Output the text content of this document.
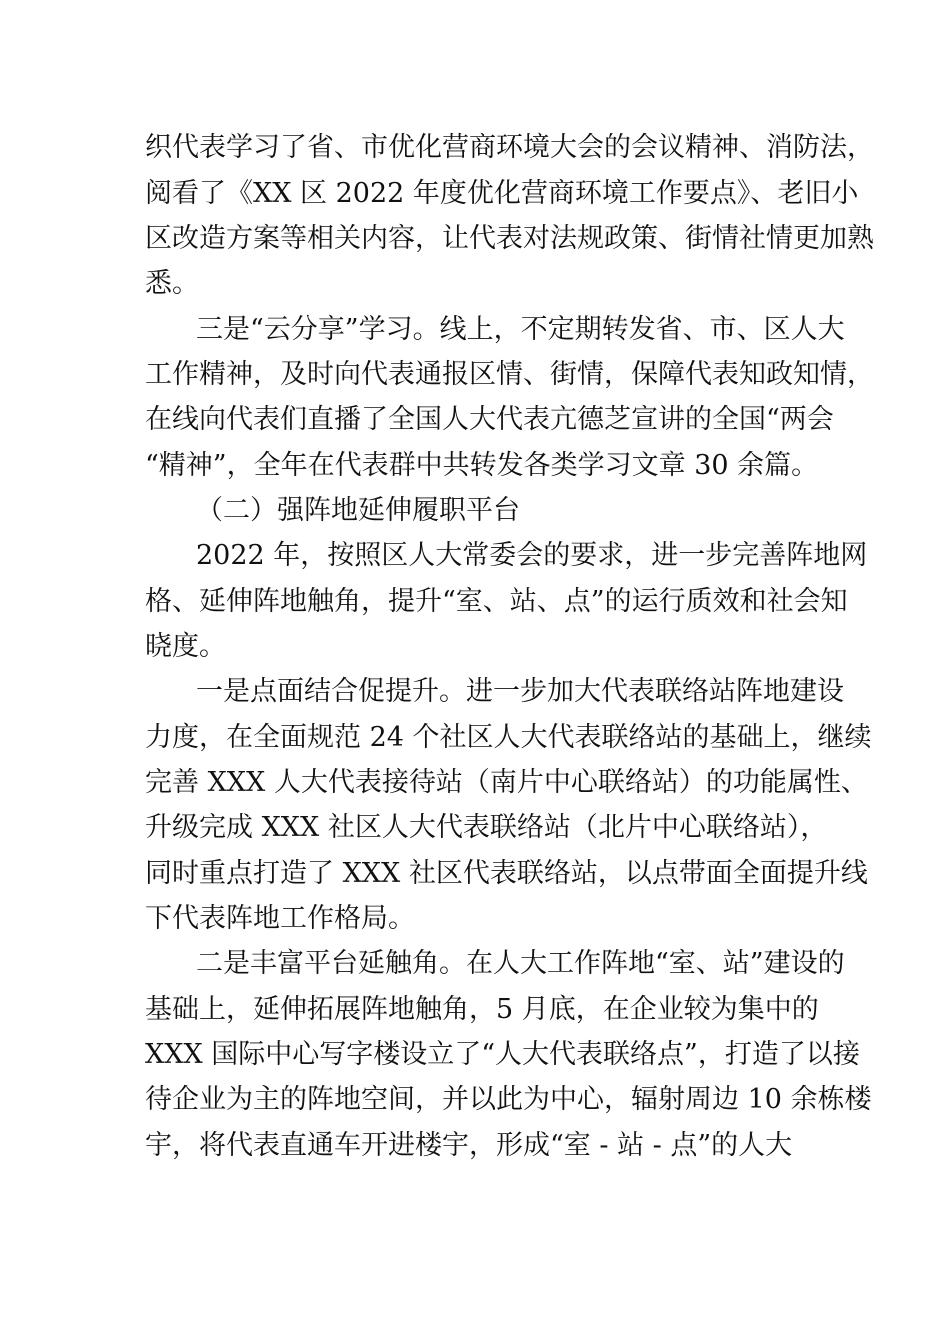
织代表学习了省、市优化营商环境大会的会议精神、消防法，
阅看了《XX 区 2022 年度优化营商环境工作要点》、老旧小
区改造方案等相关内容，让代表对法规政策、街情社情更加熟
悉。
三是“云分享”学习。线上，不定期转发省、市、区人大
工作精神，及时向代表通报区情、街情，保障代表知政知情，
在线向代表们直播了全国人大代表亢德芝宣讲的全国“两会
“精神”，全年在代表群中共转发各类学习文章 30 余篇。
（二）强阵地延伸履职平台
2022 年，按照区人大常委会的要求，进一步完善阵地网
格、延伸阵地触角，提升“室、站、点”的运行质效和社会知
晓度。
一是点面结合促提升。进一步加大代表联络站阵地建设
力度，在全面规范 24 个社区人大代表联络站的基础上，继续
完善 XXX 人大代表接待站（南片中心联络站）的功能属性、
升级完成 XXX 社区人大代表联络站（北片中心联络站），
同时重点打造了 XXX 社区代表联络站，以点带面全面提升线
下代表阵地工作格局。
二是丰富平台延触角。在人大工作阵地“室、站”建设的
基础上，延伸拓展阵地触角，5 月底，在企业较为集中的
XXX 国际中心写字楼设立了“人大代表联络点”，打造了以接
待企业为主的阵地空间，并以此为中心，辐射周边 10 余栋楼
宇，将代表直通车开进楼宇，形成“室 - 站 - 点”的人大
